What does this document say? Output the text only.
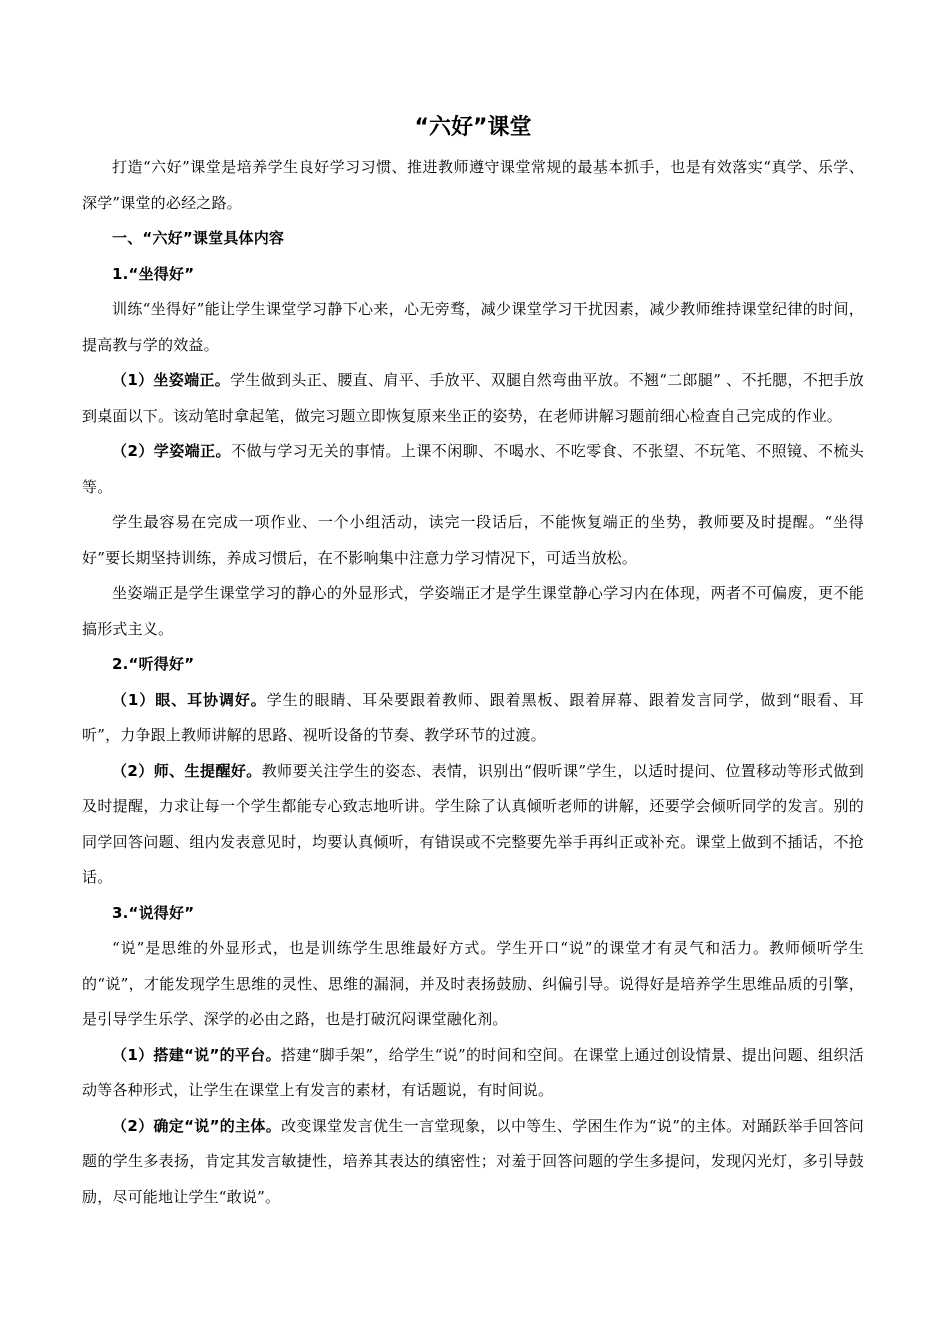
“六好”课堂

打造“六好”课堂是培养学生良好学习习惯、推进教师遵守课堂常规的最基本抓手，也是有效落实“真学、乐学、深学”课堂的必经之路。

一、“六好”课堂具体内容

1.“坐得好”

训练“坐得好”能让学生课堂学习静下心来，心无旁骛，减少课堂学习干扰因素，减少教师维持课堂纪律的时间，提高教与学的效益。

（1）坐姿端正。学生做到头正、腰直、肩平、手放平、双腿自然弯曲平放。不翘“二郎腿” 、不托腮，不把手放到桌面以下。该动笔时拿起笔，做完习题立即恢复原来坐正的姿势，在老师讲解习题前细心检查自己完成的作业。

（2）学姿端正。不做与学习无关的事情。上课不闲聊、不喝水、不吃零食、不张望、不玩笔、不照镜、不梳头等。

学生最容易在完成一项作业、一个小组活动，读完一段话后，不能恢复端正的坐势，教师要及时提醒。“坐得好”要长期坚持训练，养成习惯后，在不影响集中注意力学习情况下，可适当放松。

坐姿端正是学生课堂学习的静心的外显形式，学姿端正才是学生课堂静心学习内在体现，两者不可偏废，更不能搞形式主义。

2.“听得好”

（1）眼、耳协调好。学生的眼睛、耳朵要跟着教师、跟着黑板、跟着屏幕、跟着发言同学，做到“眼看、耳听”，力争跟上教师讲解的思路、视听设备的节奏、教学环节的过渡。

（2）师、生提醒好。教师要关注学生的姿态、表情，识别出“假听课”学生，以适时提问、位置移动等形式做到及时提醒，力求让每一个学生都能专心致志地听讲。学生除了认真倾听老师的讲解，还要学会倾听同学的发言。别的同学回答问题、组内发表意见时，均要认真倾听，有错误或不完整要先举手再纠正或补充。课堂上做到不插话，不抢话。

3.“说得好”

“说”是思维的外显形式，也是训练学生思维最好方式。学生开口“说”的课堂才有灵气和活力。教师倾听学生的“说”，才能发现学生思维的灵性、思维的漏洞，并及时表扬鼓励、纠偏引导。说得好是培养学生思维品质的引擎，是引导学生乐学、深学的必由之路，也是打破沉闷课堂融化剂。

（1）搭建“说”的平台。搭建“脚手架”，给学生“说”的时间和空间。在课堂上通过创设情景、提出问题、组织活动等各种形式，让学生在课堂上有发言的素材，有话题说，有时间说。

（2）确定“说”的主体。改变课堂发言优生一言堂现象，以中等生、学困生作为“说”的主体。对踊跃举手回答问题的学生多表扬，肯定其发言敏捷性，培养其表达的缜密性；对羞于回答问题的学生多提问，发现闪光灯，多引导鼓励，尽可能地让学生“敢说”。
